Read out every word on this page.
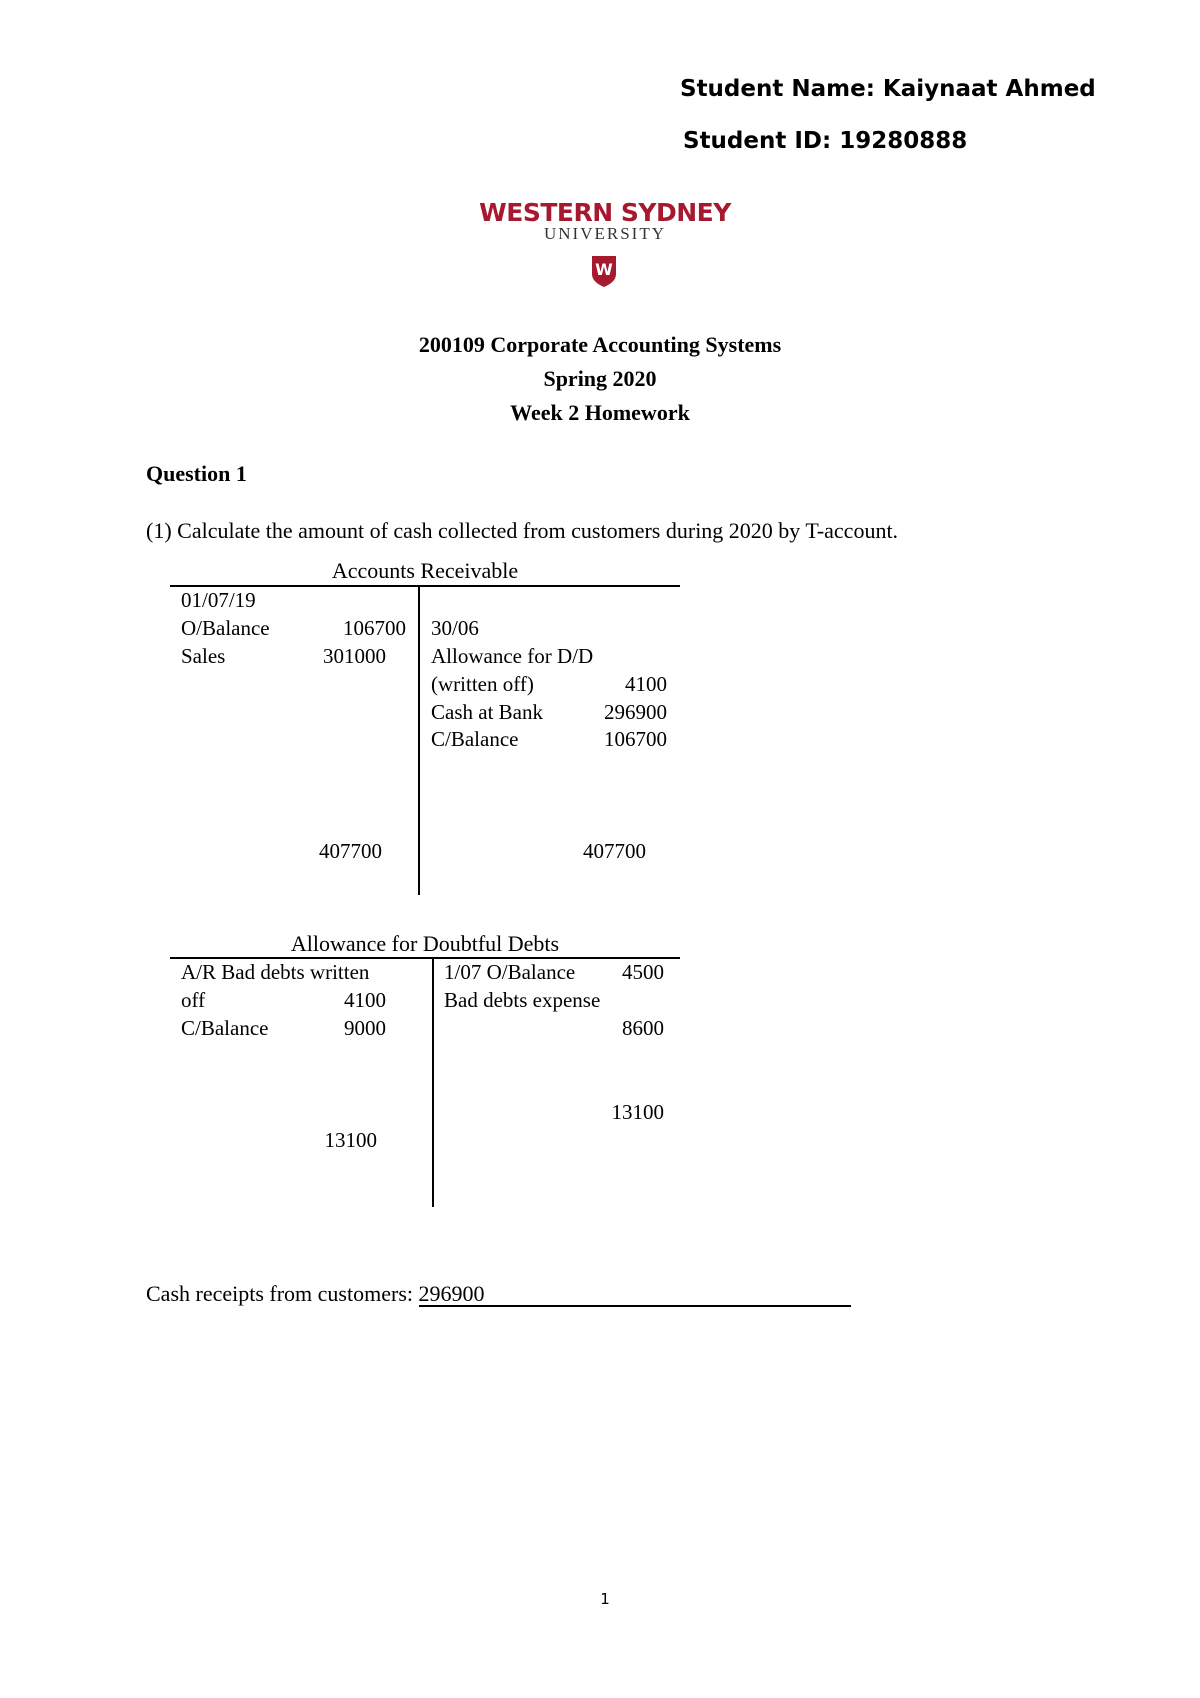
Student Name: Kaiynaat Ahmed
Student ID: 19280888
WESTERN SYDNEY
UNIVERSITY
W
200109 Corporate Accounting Systems
Spring 2020
Week 2 Homework
Question 1
(1) Calculate the amount of cash collected from customers during 2020 by T-account.
Accounts Receivable
01/07/19
O/Balance	106700
Sales	301000
407700
30/06
Allowance for D/D
(written off)	4100
Cash at Bank	296900
C/Balance	106700
407700
Allowance for Doubtful Debts
A/R Bad debts written
off	4100
C/Balance	9000
13100
1/07 O/Balance	4500
Bad debts expense
8600
13100
Cash receipts from customers: 296900
1
